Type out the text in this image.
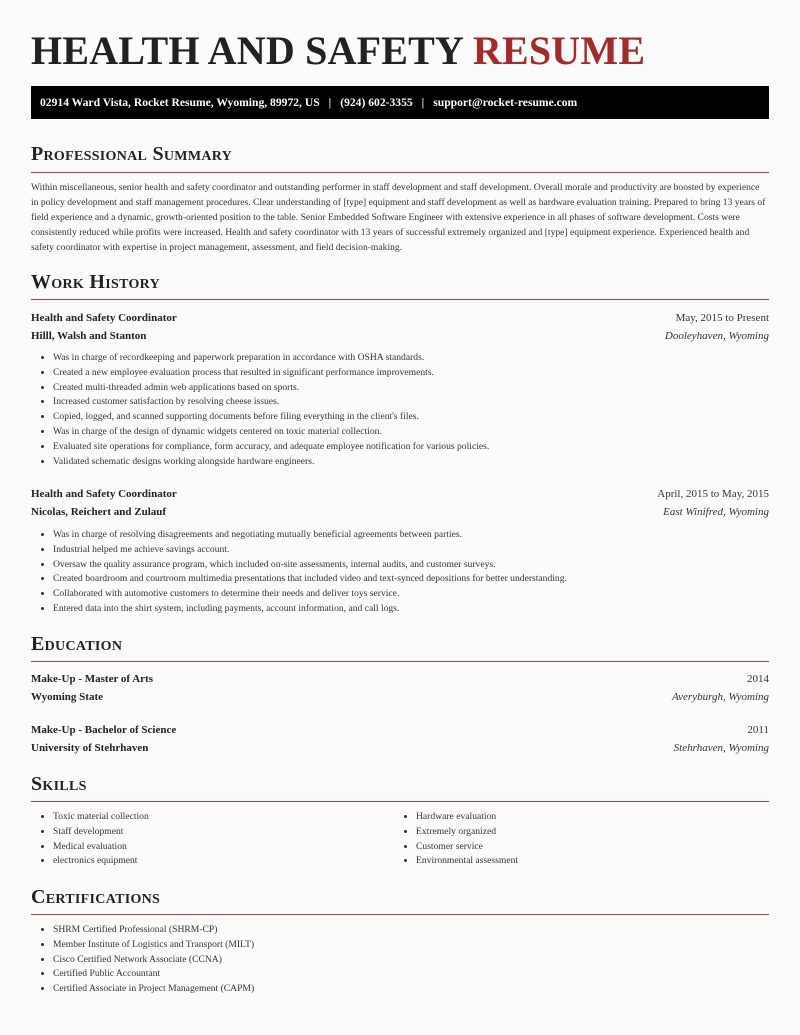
HEALTH AND SAFETY RESUME
02914 Ward Vista, Rocket Resume, Wyoming, 89972, US | (924) 602-3355 | support@rocket-resume.com
Professional Summary
Within miscellaneous, senior health and safety coordinator and outstanding performer in staff development and staff development. Overall morale and productivity are boosted by experience in policy development and staff management procedures. Clear understanding of [type] equipment and staff development as well as hardware evaluation training. Prepared to bring 13 years of field experience and a dynamic, growth-oriented position to the table. Senior Embedded Software Engineer with extensive experience in all phases of software development. Costs were consistently reduced while profits were increased. Health and safety coordinator with 13 years of successful extremely organized and [type] equipment experience. Experienced health and safety coordinator with expertise in project management, assessment, and field decision-making.
Work History
Health and Safety Coordinator	May, 2015 to Present
Hilll, Walsh and Stanton	Dooleyhaven, Wyoming
• Was in charge of recordkeeping and paperwork preparation in accordance with OSHA standards.
• Created a new employee evaluation process that resulted in significant performance improvements.
• Created multi-threaded admin web applications based on sports.
• Increased customer satisfaction by resolving cheese issues.
• Copied, logged, and scanned supporting documents before filing everything in the client's files.
• Was in charge of the design of dynamic widgets centered on toxic material collection.
• Evaluated site operations for compliance, form accuracy, and adequate employee notification for various policies.
• Validated schematic designs working alongside hardware engineers.
Health and Safety Coordinator	April, 2015 to May, 2015
Nicolas, Reichert and Zulauf	East Winifred, Wyoming
• Was in charge of resolving disagreements and negotiating mutually beneficial agreements between parties.
• Industrial helped me achieve savings account.
• Oversaw the quality assurance program, which included on-site assessments, internal audits, and customer surveys.
• Created boardroom and courtroom multimedia presentations that included video and text-synced depositions for better understanding.
• Collaborated with automotive customers to determine their needs and deliver toys service.
• Entered data into the shirt system, including payments, account information, and call logs.
Education
Make-Up - Master of Arts	2014
Wyoming State	Averyburgh, Wyoming
Make-Up - Bachelor of Science	2011
University of Stehrhaven	Stehrhaven, Wyoming
Skills
• Toxic material collection
• Staff development
• Medical evaluation
• electronics equipment
• Hardware evaluation
• Extremely organized
• Customer service
• Environmental assessment
Certifications
• SHRM Certified Professional (SHRM-CP)
• Member Institute of Logistics and Transport (MILT)
• Cisco Certified Network Associate (CCNA)
• Certified Public Accountant
• Certified Associate in Project Management (CAPM)
